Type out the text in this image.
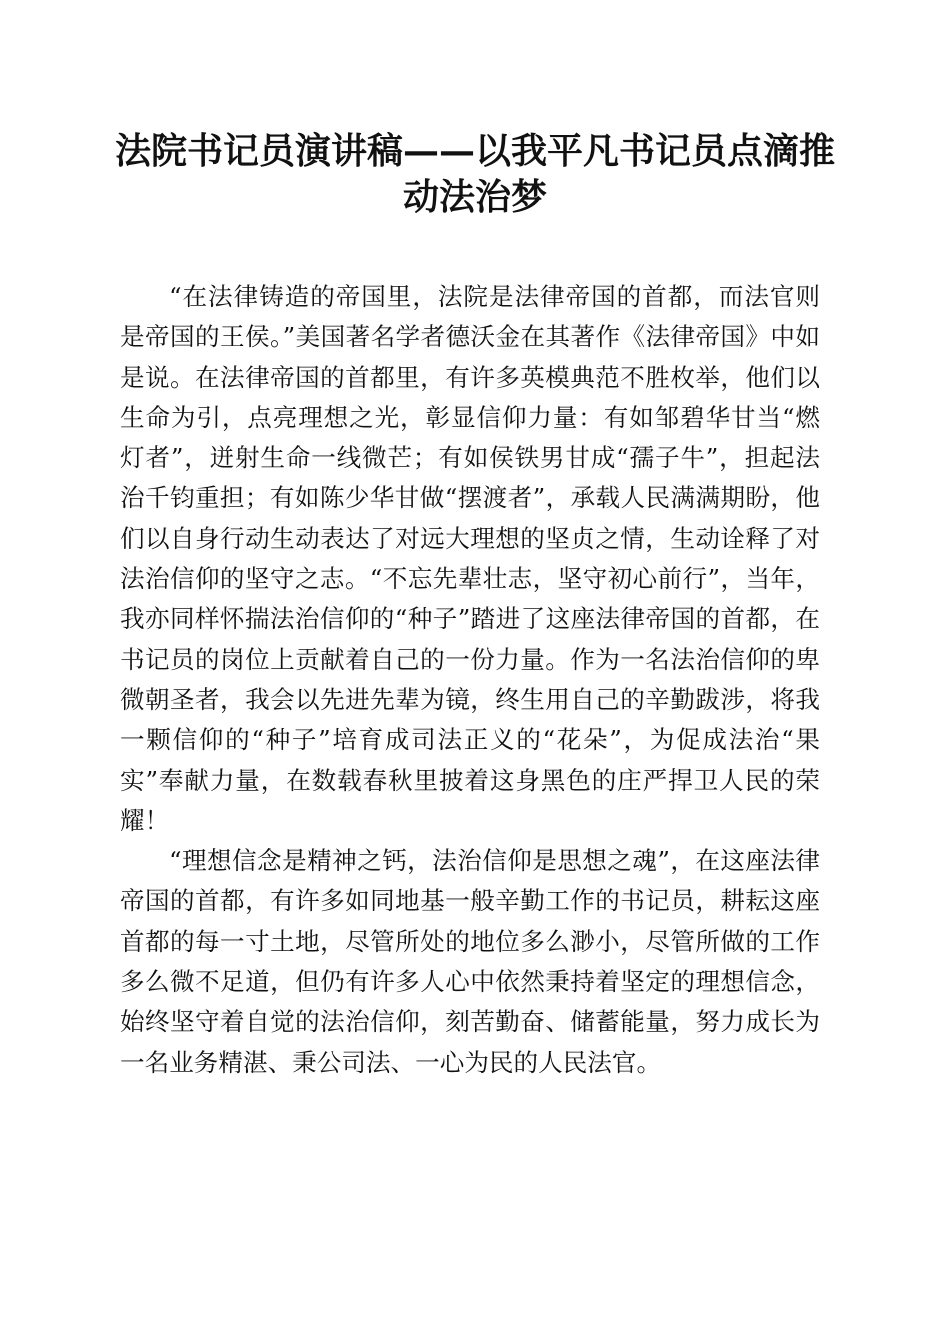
法院书记员演讲稿——以我平凡书记员点滴推
动法治梦

“在法律铸造的帝国里，法院是法律帝国的首都，而法官则是帝国的王侯。”美国著名学者德沃金在其著作《法律帝国》中如是说。在法律帝国的首都里，有许多英模典范不胜枚举，他们以生命为引，点亮理想之光，彰显信仰力量：有如邹碧华甘当“燃灯者”，迸射生命一线微芒；有如侯铁男甘成“孺子牛”，担起法治千钧重担；有如陈少华甘做“摆渡者”，承载人民满满期盼，他们以自身行动生动表达了对远大理想的坚贞之情，生动诠释了对法治信仰的坚守之志。“不忘先辈壮志，坚守初心前行”，当年，我亦同样怀揣法治信仰的“种子”踏进了这座法律帝国的首都，在书记员的岗位上贡献着自己的一份力量。作为一名法治信仰的卑微朝圣者，我会以先进先辈为镜，终生用自己的辛勤跋涉，将我一颗信仰的“种子”培育成司法正义的“花朵”，为促成法治“果实”奉献力量，在数载春秋里披着这身黑色的庄严捍卫人民的荣耀！

“理想信念是精神之钙，法治信仰是思想之魂”，在这座法律帝国的首都，有许多如同地基一般辛勤工作的书记员，耕耘这座首都的每一寸土地，尽管所处的地位多么渺小，尽管所做的工作多么微不足道，但仍有许多人心中依然秉持着坚定的理想信念，始终坚守着自觉的法治信仰，刻苦勤奋、储蓄能量，努力成长为一名业务精湛、秉公司法、一心为民的人民法官。
